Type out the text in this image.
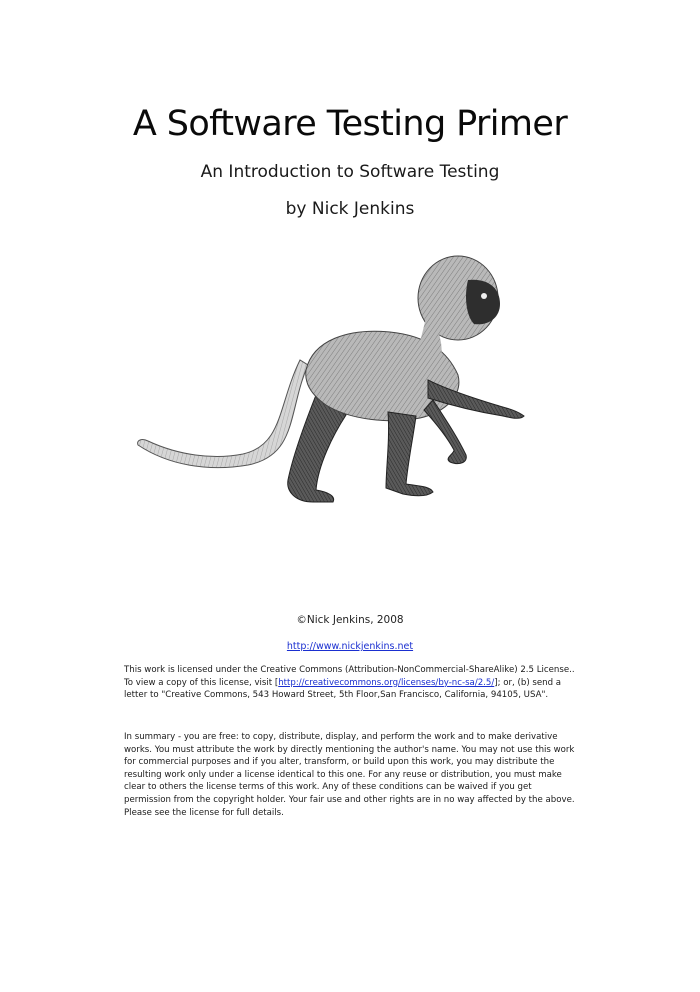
A Software Testing Primer

An Introduction to Software Testing

by Nick Jenkins

©Nick Jenkins, 2008
http://www.nickjenkins.net

This work is licensed under the Creative Commons (Attribution-NonCommercial-ShareAlike) 2.5 License.. To view a copy of this license, visit [http://creativecommons.org/licenses/by-nc-sa/2.5/]; or, (b) send a letter to "Creative Commons, 543 Howard Street, 5th Floor,San Francisco, California, 94105, USA".

In summary - you are free: to copy, distribute, display, and perform the work and to make derivative works. You must attribute the work by directly mentioning the author's name. You may not use this work for commercial purposes and if you alter, transform, or build upon this work, you may distribute the resulting work only under a license identical to this one. For any reuse or distribution, you must make clear to others the license terms of this work. Any of these conditions can be waived if you get permission from the copyright holder. Your fair use and other rights are in no way affected by the above. Please see the license for full details.
